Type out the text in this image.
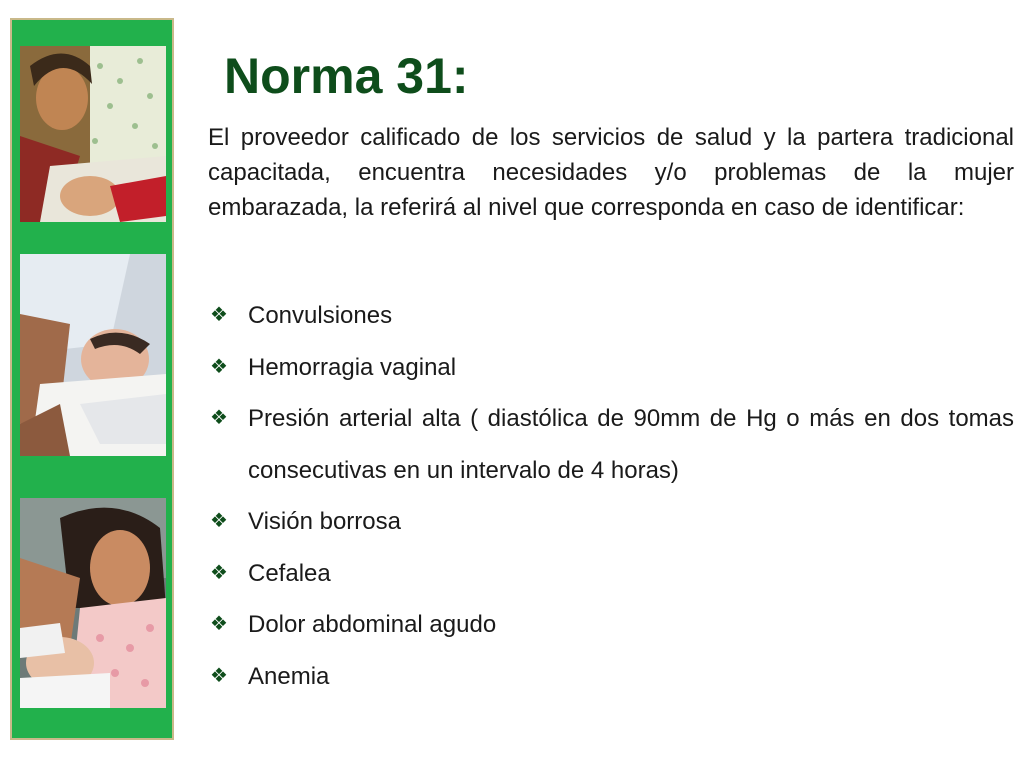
Norma 31:

El proveedor calificado de los servicios de salud y la partera tradicional capacitada, encuentra necesidades y/o problemas de la mujer embarazada, la referirá al nivel que corresponda en caso de identificar:

❖ Convulsiones
❖ Hemorragia vaginal
❖ Presión arterial alta ( diastólica de 90mm de Hg o más en dos tomas consecutivas en un intervalo de 4 horas)
❖ Visión borrosa
❖ Cefalea
❖ Dolor abdominal agudo
❖ Anemia
